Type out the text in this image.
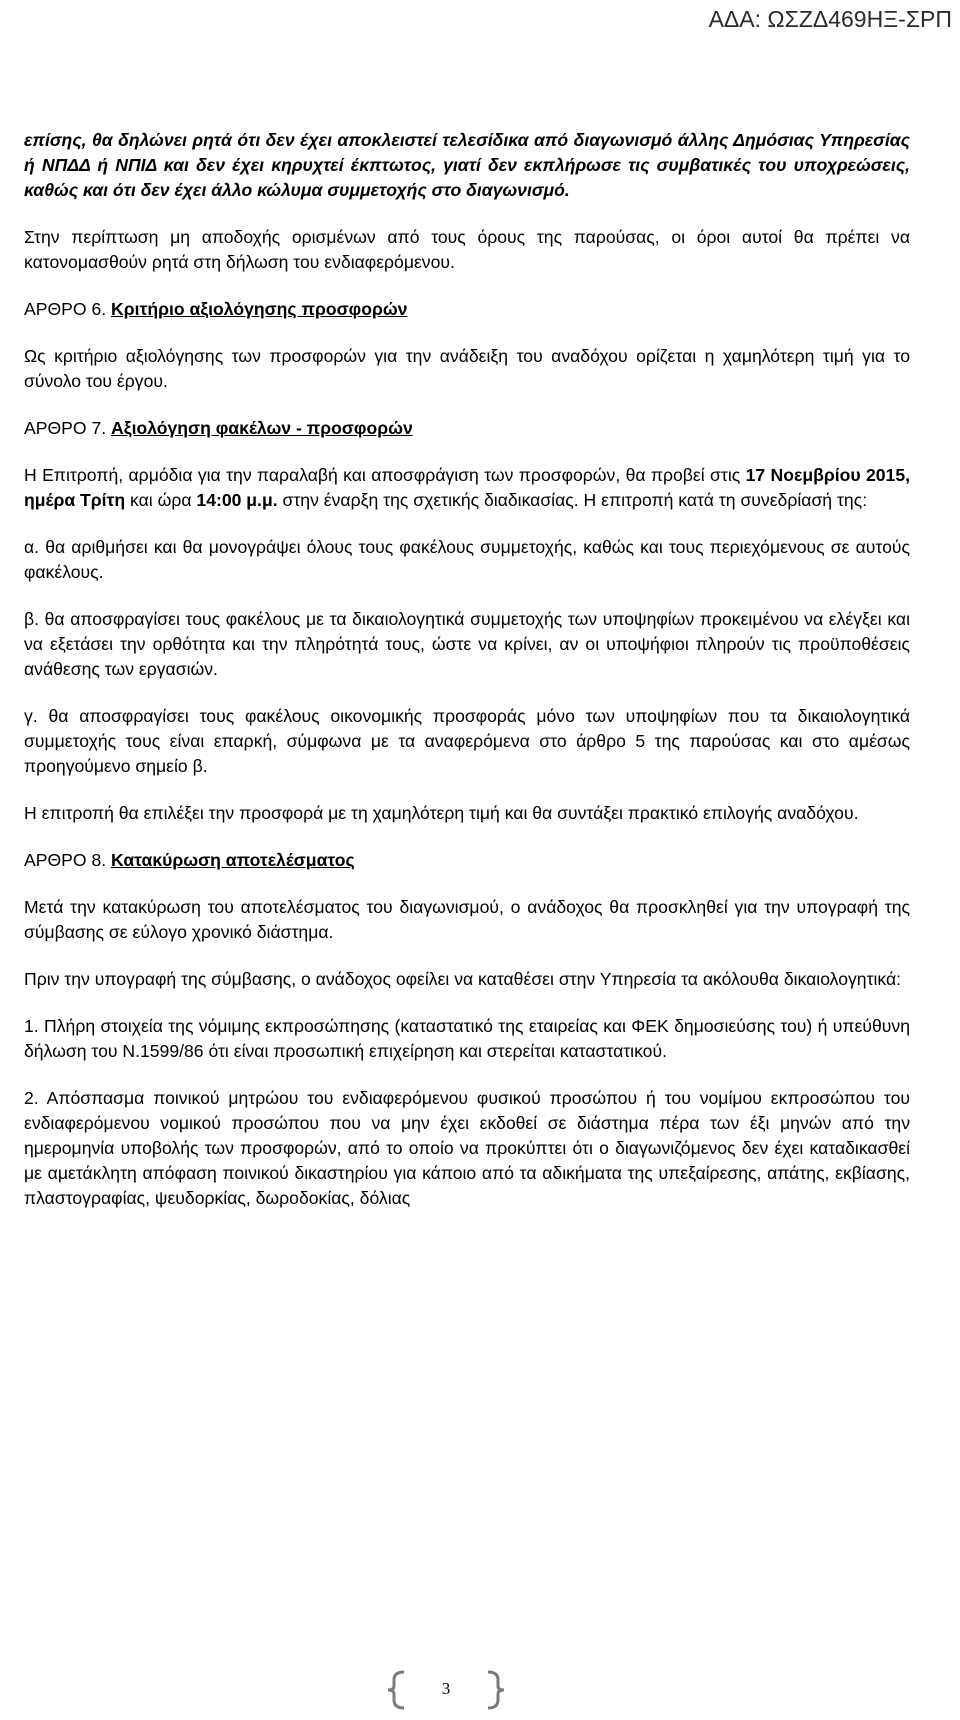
ΑΔΑ: ΩΣΖΔ469ΗΞ-ΣΡΠ

επίσης, θα δηλώνει ρητά ότι δεν έχει αποκλειστεί τελεσίδικα από διαγωνισμό άλλης Δημόσιας Υπηρεσίας ή ΝΠΔΔ ή ΝΠΙΔ και δεν έχει κηρυχτεί έκπτωτος, γιατί δεν εκπλήρωσε τις συμβατικές του υποχρεώσεις, καθώς και ότι δεν έχει άλλο κώλυμα συμμετοχής στο διαγωνισμό.

Στην περίπτωση μη αποδοχής ορισμένων από τους όρους της παρούσας, οι όροι αυτοί θα πρέπει να κατονομασθούν ρητά στη δήλωση του ενδιαφερόμενου.

ΑΡΘΡΟ 6. Κριτήριο αξιολόγησης προσφορών

Ως κριτήριο αξιολόγησης των προσφορών για την ανάδειξη του αναδόχου ορίζεται η χαμηλότερη τιμή για το σύνολο του έργου.

ΑΡΘΡΟ 7. Αξιολόγηση φακέλων - προσφορών

Η Επιτροπή, αρμόδια για την παραλαβή και αποσφράγιση των προσφορών, θα προβεί στις 17 Νοεμβρίου 2015, ημέρα Τρίτη και ώρα 14:00 μ.μ. στην έναρξη της σχετικής διαδικασίας. Η επιτροπή κατά τη συνεδρίασή της:

α. θα αριθμήσει και θα μονογράψει όλους τους φακέλους συμμετοχής, καθώς και τους περιεχόμενους σε αυτούς φακέλους.

β. θα αποσφραγίσει τους φακέλους με τα δικαιολογητικά συμμετοχής των υποψηφίων προκειμένου να ελέγξει και να εξετάσει την ορθότητα και την πληρότητά τους, ώστε να κρίνει, αν οι υποψήφιοι πληρούν τις προϋποθέσεις ανάθεσης των εργασιών.

γ. θα αποσφραγίσει τους φακέλους οικονομικής προσφοράς μόνο των υποψηφίων που τα δικαιολογητικά συμμετοχής τους είναι επαρκή, σύμφωνα με τα αναφερόμενα στο άρθρο 5 της παρούσας και στο αμέσως προηγούμενο σημείο β.

Η επιτροπή θα επιλέξει την προσφορά με τη χαμηλότερη τιμή και θα συντάξει πρακτικό επιλογής αναδόχου.

ΑΡΘΡΟ 8. Κατακύρωση αποτελέσματος

Μετά την κατακύρωση του αποτελέσματος του διαγωνισμού, ο ανάδοχος θα προσκληθεί για την υπογραφή της σύμβασης σε εύλογο χρονικό διάστημα.

Πριν την υπογραφή της σύμβασης, ο ανάδοχος οφείλει να καταθέσει στην Υπηρεσία τα ακόλουθα δικαιολογητικά:

1. Πλήρη στοιχεία της νόμιμης εκπροσώπησης (καταστατικό της εταιρείας και ΦΕΚ δημοσιεύσης του) ή υπεύθυνη δήλωση του Ν.1599/86 ότι είναι προσωπική επιχείρηση και στερείται καταστατικού.

2. Απόσπασμα ποινικού μητρώου του ενδιαφερόμενου φυσικού προσώπου ή του νομίμου εκπροσώπου του ενδιαφερόμενου νομικού προσώπου που να μην έχει εκδοθεί σε διάστημα πέρα των έξι μηνών από την ημερομηνία υποβολής των προσφορών, από το οποίο να προκύπτει ότι ο διαγωνιζόμενος δεν έχει καταδικασθεί με αμετάκλητη απόφαση ποινικού δικαστηρίου για κάποιο από τα αδικήματα της υπεξαίρεσης, απάτης, εκβίασης, πλαστογραφίας, ψευδορκίας, δωροδοκίας, δόλιας

3
